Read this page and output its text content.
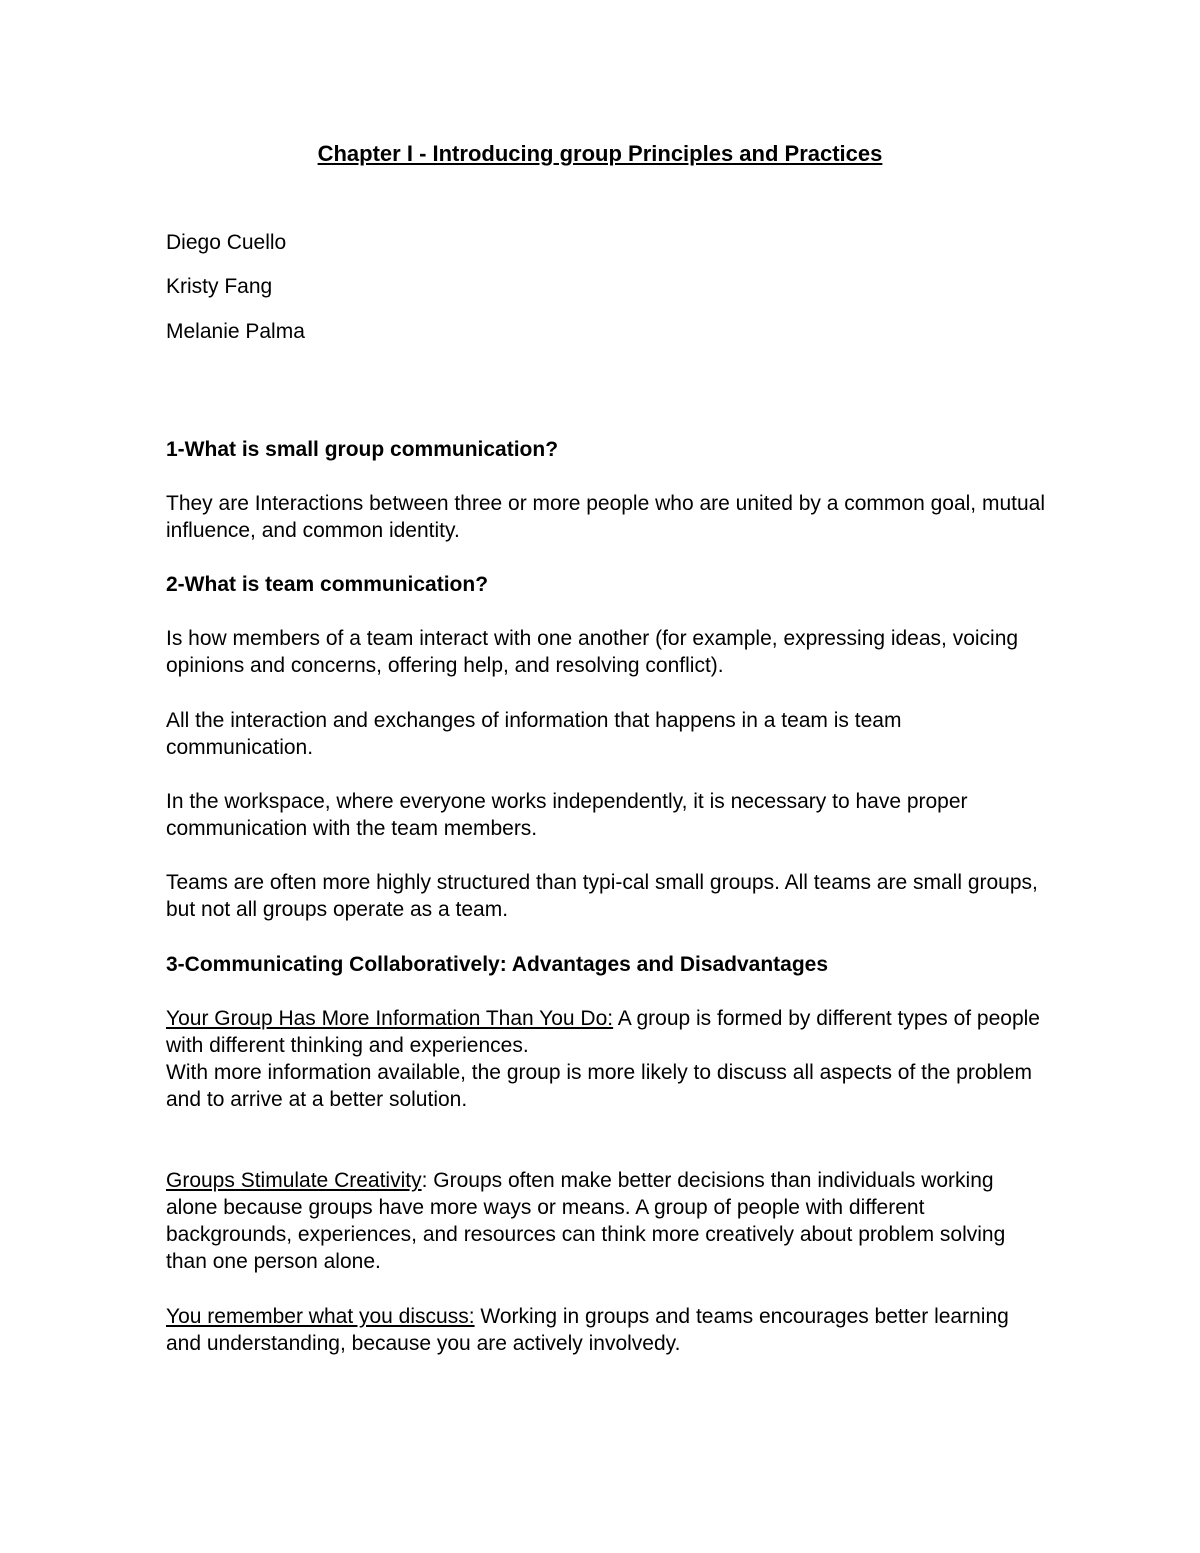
Chapter I - Introducing group Principles and Practices

Diego Cuello

Kristy Fang

Melanie Palma

1-What is small group communication?

They are Interactions between three or more people who are united by a common goal, mutual influence, and common identity.

2-What is team communication?

Is how members of a team interact with one another (for example, expressing ideas, voicing opinions and concerns, offering help, and resolving conflict).

All the interaction and exchanges of information that happens in a team is team communication.

In the workspace, where everyone works independently, it is necessary to have proper communication with the team members.

Teams are often more highly structured than typi-cal small groups. All teams are small groups, but not all groups operate as a team.

3-Communicating Collaboratively: Advantages and Disadvantages

Your Group Has More Information Than You Do: A group is formed by different types of people with different thinking and experiences.
With more information available, the group is more likely to discuss all aspects of the problem and to arrive at a better solution.

Groups Stimulate Creativity: Groups often make better decisions than individuals working alone because groups have more ways or means. A group of people with different backgrounds, experiences, and resources can think more creatively about problem solving than one person alone.

You remember what you discuss: Working in groups and teams encourages better learning and understanding, because you are actively involvedy.
